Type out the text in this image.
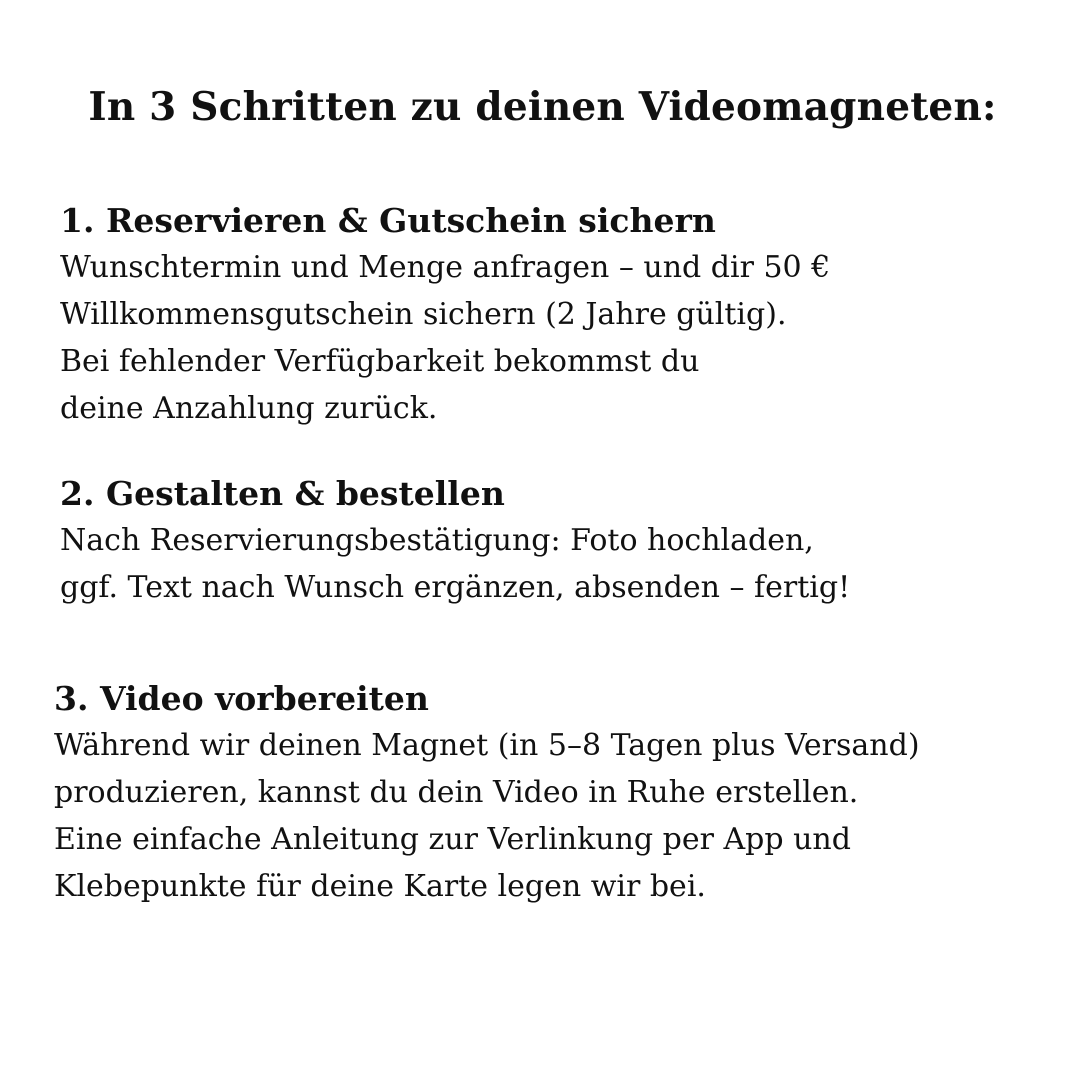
In 3 Schritten zu deinen Videomagneten:
1. Reservieren & Gutschein sichern

Wunschtermin und Menge anfragen – und dir 50 €
Willkommensgutschein sichern (2 Jahre gültig).
Bei fehlender Verfügbarkeit bekommst du
deine Anzahlung zurück.

2. Gestalten & bestellen

Nach Reservierungsbestätigung: Foto hochladen,
ggf. Text nach Wunsch ergänzen, absenden – fertig!

3. Video vorbereiten

Während wir deinen Magnet (in 5–8 Tagen plus Versand)
produzieren, kannst du dein Video in Ruhe erstellen.
Eine einfache Anleitung zur Verlinkung per App und
Klebepunkte für deine Karte legen wir bei.
